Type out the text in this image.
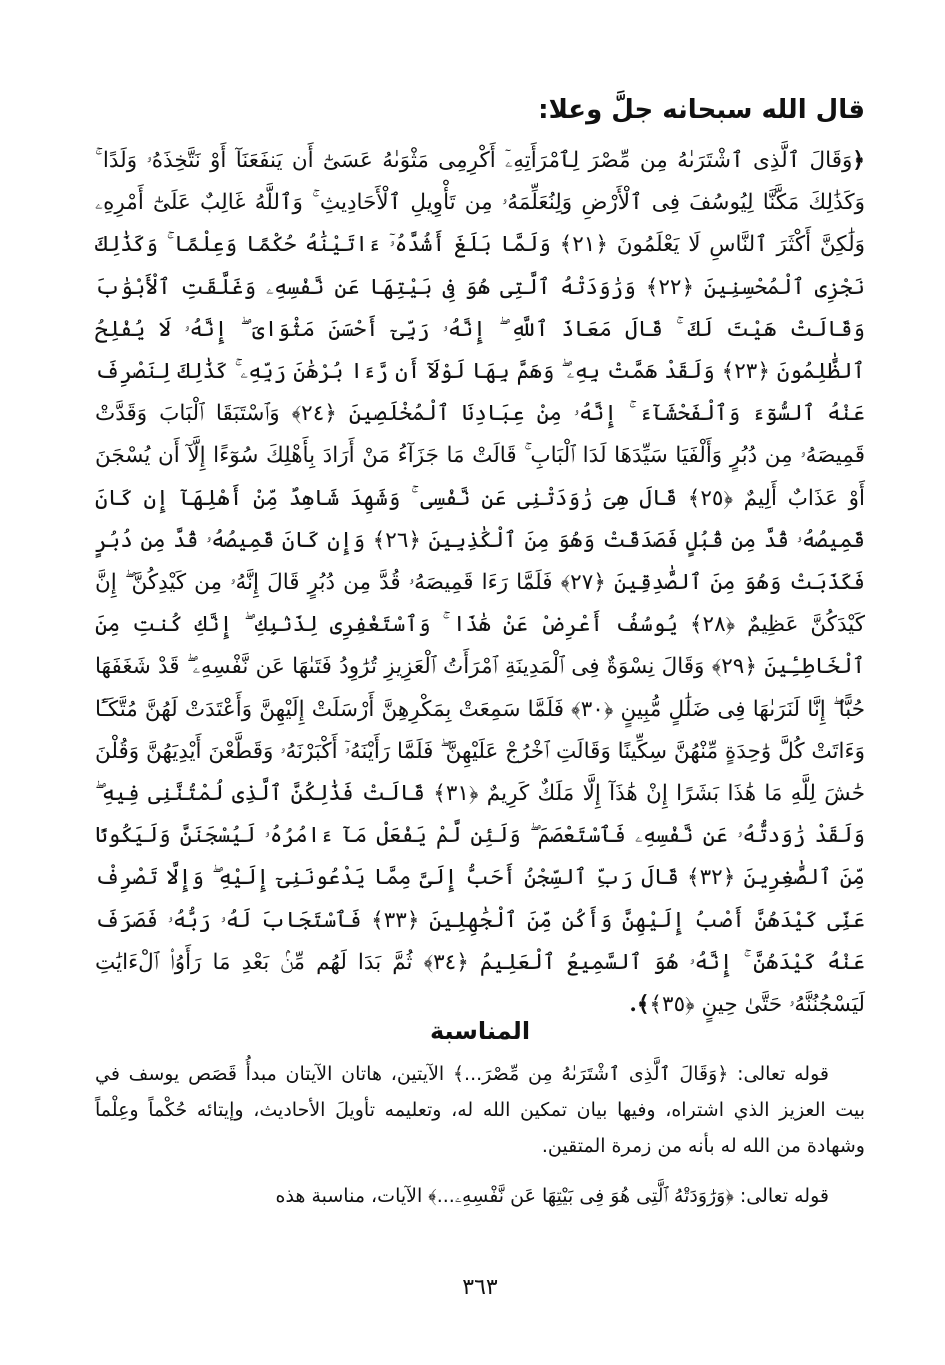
قال الله سبحانه جلَّ وعلا:

﴿وَقَالَ ٱلَّذِى ٱشْتَرَىٰهُ مِن مِّصْرَ لِٱمْرَأَتِهِۦٓ أَكْرِمِى مَثْوَىٰهُ عَسَىٰٓ أَن يَنفَعَنَآ أَوْ نَتَّخِذَهُۥ وَلَدًا ۚ وَكَذَٰلِكَ مَكَّنَّا لِيُوسُفَ فِى ٱلْأَرْضِ وَلِنُعَلِّمَهُۥ مِن تَأْوِيلِ ٱلْأَحَادِيثِ ۚ وَٱللَّهُ غَالِبٌ عَلَىٰٓ أَمْرِهِۦ وَلَٰكِنَّ أَكْثَرَ ٱلنَّاسِ لَا يَعْلَمُونَ ﴿٢١﴾ وَلَمَّا بَلَغَ أَشُدَّهُۥٓ ءَاتَيْنَٰهُ حُكْمًا وَعِلْمًا ۚ وَكَذَٰلِكَ نَجْزِى ٱلْمُحْسِنِينَ ﴿٢٢﴾ وَرَٰوَدَتْهُ ٱلَّتِى هُوَ فِى بَيْتِهَا عَن نَّفْسِهِۦ وَغَلَّقَتِ ٱلْأَبْوَٰبَ وَقَالَتْ هَيْتَ لَكَ ۚ قَالَ مَعَاذَ ٱللَّهِ ۖ إِنَّهُۥ رَبِّىٓ أَحْسَنَ مَثْوَاىَ ۖ إِنَّهُۥ لَا يُفْلِحُ ٱلظَّٰلِمُونَ ﴿٢٣﴾ وَلَقَدْ هَمَّتْ بِهِۦ ۖ وَهَمَّ بِهَا لَوْلَآ أَن رَّءَا بُرْهَٰنَ رَبِّهِۦ ۚ كَذَٰلِكَ لِنَصْرِفَ عَنْهُ ٱلسُّوٓءَ وَٱلْفَحْشَآءَ ۚ إِنَّهُۥ مِنْ عِبَادِنَا ٱلْمُخْلَصِينَ ﴿٢٤﴾ وَٱسْتَبَقَا ٱلْبَابَ وَقَدَّتْ قَمِيصَهُۥ مِن دُبُرٍ وَأَلْفَيَا سَيِّدَهَا لَدَا ٱلْبَابِ ۚ قَالَتْ مَا جَزَآءُ مَنْ أَرَادَ بِأَهْلِكَ سُوٓءًا إِلَّآ أَن يُسْجَنَ أَوْ عَذَابٌ أَلِيمٌ ﴿٢٥﴾ قَالَ هِىَ رَٰوَدَتْنِى عَن نَّفْسِى ۚ وَشَهِدَ شَاهِدٌ مِّنْ أَهْلِهَآ إِن كَانَ قَمِيصُهُۥ قُدَّ مِن قُبُلٍ فَصَدَقَتْ وَهُوَ مِنَ ٱلْكَٰذِبِينَ ﴿٢٦﴾ وَإِن كَانَ قَمِيصُهُۥ قُدَّ مِن دُبُرٍ فَكَذَبَتْ وَهُوَ مِنَ ٱلصَّٰدِقِينَ ﴿٢٧﴾ فَلَمَّا رَءَا قَمِيصَهُۥ قُدَّ مِن دُبُرٍ قَالَ إِنَّهُۥ مِن كَيْدِكُنَّ ۖ إِنَّ كَيْدَكُنَّ عَظِيمٌ ﴿٢٨﴾ يُوسُفُ أَعْرِضْ عَنْ هَٰذَا ۚ وَٱسْتَغْفِرِى لِذَنۢبِكِ ۖ إِنَّكِ كُنتِ مِنَ ٱلْخَاطِـِٔينَ ﴿٢٩﴾ وَقَالَ نِسْوَةٌ فِى ٱلْمَدِينَةِ ٱمْرَأَتُ ٱلْعَزِيزِ تُرَٰوِدُ فَتَىٰهَا عَن نَّفْسِهِۦ ۖ قَدْ شَغَفَهَا حُبًّا ۖ إِنَّا لَنَرَىٰهَا فِى ضَلَٰلٍ مُّبِينٍ ﴿٣٠﴾ فَلَمَّا سَمِعَتْ بِمَكْرِهِنَّ أَرْسَلَتْ إِلَيْهِنَّ وَأَعْتَدَتْ لَهُنَّ مُتَّكَـًٔا وَءَاتَتْ كُلَّ وَٰحِدَةٍ مِّنْهُنَّ سِكِّينًا وَقَالَتِ ٱخْرُجْ عَلَيْهِنَّ ۖ فَلَمَّا رَأَيْنَهُۥٓ أَكْبَرْنَهُۥ وَقَطَّعْنَ أَيْدِيَهُنَّ وَقُلْنَ حَٰشَ لِلَّهِ مَا هَٰذَا بَشَرًا إِنْ هَٰذَآ إِلَّا مَلَكٌ كَرِيمٌ ﴿٣١﴾ قَالَتْ فَذَٰلِكُنَّ ٱلَّذِى لُمْتُنَّنِى فِيهِ ۖ وَلَقَدْ رَٰوَدتُّهُۥ عَن نَّفْسِهِۦ فَٱسْتَعْصَمَ ۖ وَلَئِن لَّمْ يَفْعَلْ مَآ ءَامُرُهُۥ لَيُسْجَنَنَّ وَلَيَكُونًا مِّنَ ٱلصَّٰغِرِينَ ﴿٣٢﴾ قَالَ رَبِّ ٱلسِّجْنُ أَحَبُّ إِلَىَّ مِمَّا يَدْعُونَنِىٓ إِلَيْهِ ۖ وَإِلَّا تَصْرِفْ عَنِّى كَيْدَهُنَّ أَصْبُ إِلَيْهِنَّ وَأَكُن مِّنَ ٱلْجَٰهِلِينَ ﴿٣٣﴾ فَٱسْتَجَابَ لَهُۥ رَبُّهُۥ فَصَرَفَ عَنْهُ كَيْدَهُنَّ ۚ إِنَّهُۥ هُوَ ٱلسَّمِيعُ ٱلْعَلِيمُ ﴿٣٤﴾ ثُمَّ بَدَا لَهُم مِّنۢ بَعْدِ مَا رَأَوُا۟ ٱلْءَايَٰتِ لَيَسْجُنُنَّهُۥ حَتَّىٰ حِينٍ ﴿٣٥﴾﴾.

المناسبة

قوله تعالى: ﴿وَقَالَ ٱلَّذِى ٱشْتَرَىٰهُ مِن مِّصْرَ...﴾ الآيتين، هاتان الآيتان مبدأُ قَصَص يوسف في بيت العزيز الذي اشتراه، وفيها بيان تمكين الله له، وتعليمه تأويلَ الأحاديث، وإيتائه حُكْماً وعِلْماً وشهادة من الله له بأنه من زمرة المتقين.

قوله تعالى: ﴿وَرَٰوَدَتْهُ ٱلَّتِى هُوَ فِى بَيْتِهَا عَن نَّفْسِهِۦ...﴾ الآيات، مناسبة هذه

٣٦٣
